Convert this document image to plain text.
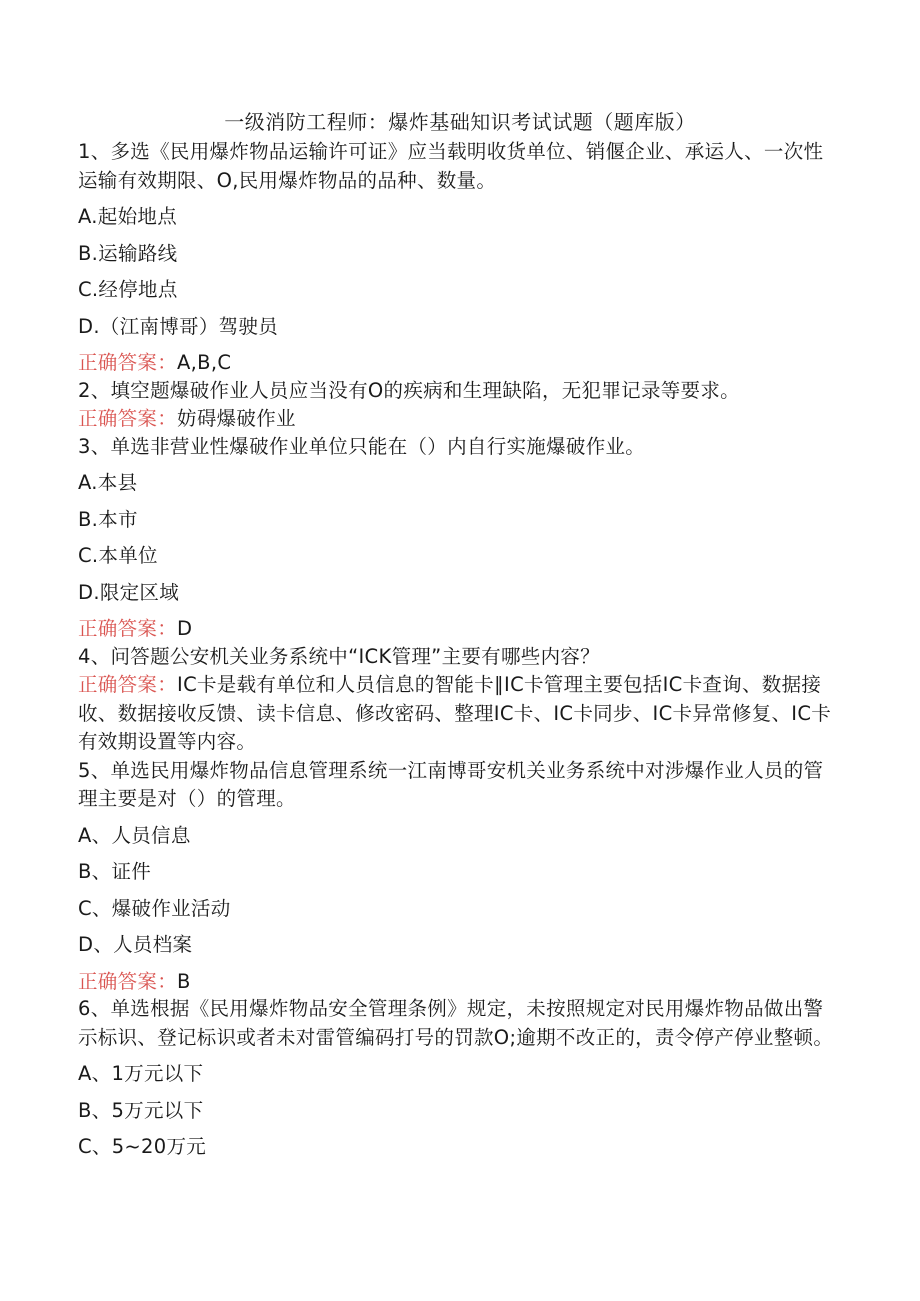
一级消防工程师：爆炸基础知识考试试题（题库版）

1、多选《民用爆炸物品运输许可证》应当载明收货单位、销偃企业、承运人、一次性运输有效期限、O,民用爆炸物品的品种、数量。

A.起始地点

B.运输路线

C.经停地点

D.（江南博哥）驾驶员

正确答案：A,B,C

2、填空题爆破作业人员应当没有O的疾病和生理缺陷，无犯罪记录等要求。

正确答案：妨碍爆破作业

3、单选非营业性爆破作业单位只能在（）内自行实施爆破作业。

A.本县

B.本市

C.本单位

D.限定区域

正确答案：D

4、问答题公安机关业务系统中“ICK管理”主要有哪些内容？

正确答案：IC卡是载有单位和人员信息的智能卡∥IC卡管理主要包括IC卡查询、数据接收、数据接收反馈、读卡信息、修改密码、整理IC卡、IC卡同步、IC卡异常修复、IC卡有效期设置等内容。

5、单选民用爆炸物品信息管理系统一江南博哥安机关业务系统中对涉爆作业人员的管理主要是对（）的管理。

A、人员信息

B、证件

C、爆破作业活动

D、人员档案

正确答案：B

6、单选根据《民用爆炸物品安全管理条例》规定，未按照规定对民用爆炸物品做出警示标识、登记标识或者未对雷管编码打号的罚款O;逾期不改正的，责令停产停业整顿。

A、1万元以下

B、5万元以下

C、5~20万元
